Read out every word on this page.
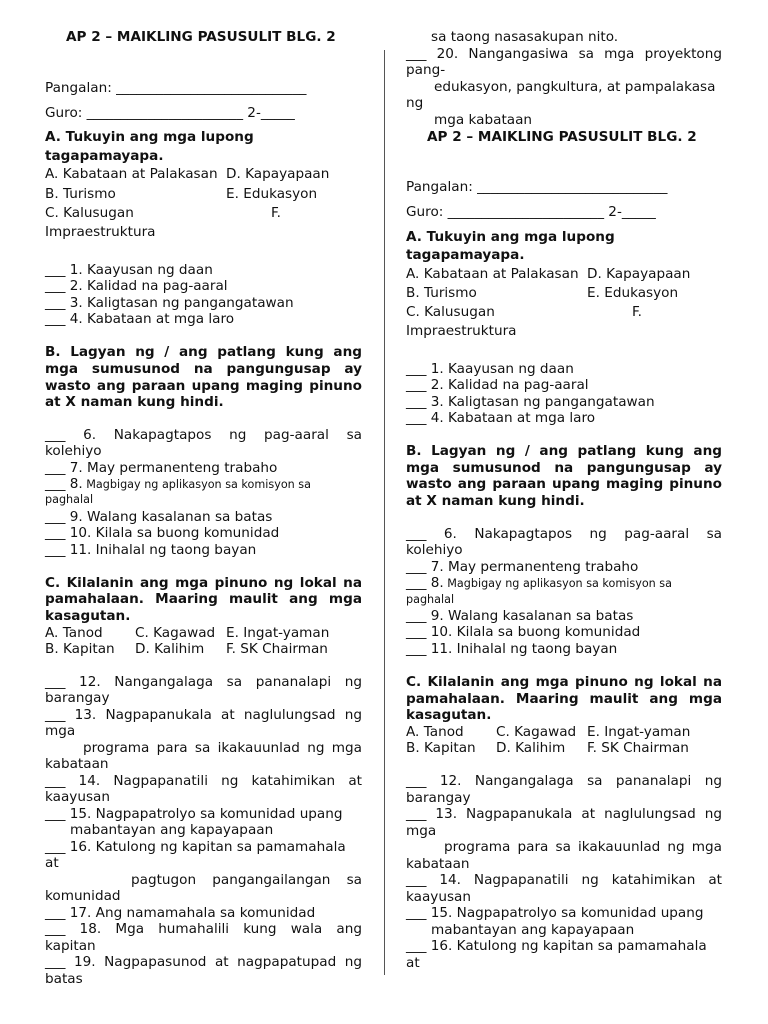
AP 2 – MAIKLING PASUSULIT BLG. 2
Pangalan: ____________________________
Guro: _______________________ 2-_____
A. Tukuyin ang mga lupong
tagapamayapa.
A. Kabataan at Palakasan D. Kapayapaan
B. Turismo	E. Edukasyon
C. Kalusugan	F.
Impraestruktura
___ 1. Kaayusan ng daan
___ 2. Kalidad na pag-aaral
___ 3. Kaligtasan ng pangangatawan
___ 4. Kabataan at mga laro
B. Lagyan ng / ang patlang kung ang
mga sumusunod na pangungusap ay
wasto ang paraan upang maging pinuno
at X naman kung hindi.
___ 6. Nakapagtapos ng pag-aaral sa
kolehiyo
___ 7. May permanenteng trabaho
___ 8. Magbigay ng aplikasyon sa komisyon sa
paghalal
___ 9. Walang kasalanan sa batas
___ 10. Kilala sa buong komunidad
___ 11. Inihalal ng taong bayan
C. Kilalanin ang mga pinuno ng lokal na
pamahalaan. Maaring maulit ang mga
kasagutan.
A. Tanod	C. Kagawad E. Ingat-yaman
B. Kapitan	D. Kalihim	F. SK Chairman
___ 12. Nangangalaga sa pananalapi ng
barangay
___ 13. Nagpapanukala at naglulungsad ng
mga
programa para sa ikakauunlad ng mga
kabataan
___ 14. Nagpapanatili ng katahimikan at
kaayusan
___ 15. Nagpapatrolyo sa komunidad upang
mabantayan ang kapayapaan
___ 16. Katulong ng kapitan sa pamamahala
at
pagtugon pangangailangan sa
komunidad
___ 17. Ang namamahala sa komunidad
___ 18. Mga humahalili kung wala ang
kapitan
___ 19. Nagpapasunod at nagpapatupad ng
batas
sa taong nasasakupan nito.
___ 20. Nangangasiwa sa mga proyektong
pang-
edukasyon, pangkultura, at pampalakasa
ng
mga kabataan
AP 2 – MAIKLING PASUSULIT BLG. 2
Pangalan: ____________________________
Guro: _______________________ 2-_____
A. Tukuyin ang mga lupong
tagapamayapa.
A. Kabataan at Palakasan D. Kapayapaan
B. Turismo	E. Edukasyon
C. Kalusugan	F.
Impraestruktura
___ 1. Kaayusan ng daan
___ 2. Kalidad na pag-aaral
___ 3. Kaligtasan ng pangangatawan
___ 4. Kabataan at mga laro
B. Lagyan ng / ang patlang kung ang
mga sumusunod na pangungusap ay
wasto ang paraan upang maging pinuno
at X naman kung hindi.
___ 6. Nakapagtapos ng pag-aaral sa
kolehiyo
___ 7. May permanenteng trabaho
___ 8. Magbigay ng aplikasyon sa komisyon sa
paghalal
___ 9. Walang kasalanan sa batas
___ 10. Kilala sa buong komunidad
___ 11. Inihalal ng taong bayan
C. Kilalanin ang mga pinuno ng lokal na
pamahalaan. Maaring maulit ang mga
kasagutan.
A. Tanod	C. Kagawad E. Ingat-yaman
B. Kapitan	D. Kalihim	F. SK Chairman
___ 12. Nangangalaga sa pananalapi ng
barangay
___ 13. Nagpapanukala at naglulungsad ng
mga
programa para sa ikakauunlad ng mga
kabataan
___ 14. Nagpapanatili ng katahimikan at
kaayusan
___ 15. Nagpapatrolyo sa komunidad upang
mabantayan ang kapayapaan
___ 16. Katulong ng kapitan sa pamamahala
at
